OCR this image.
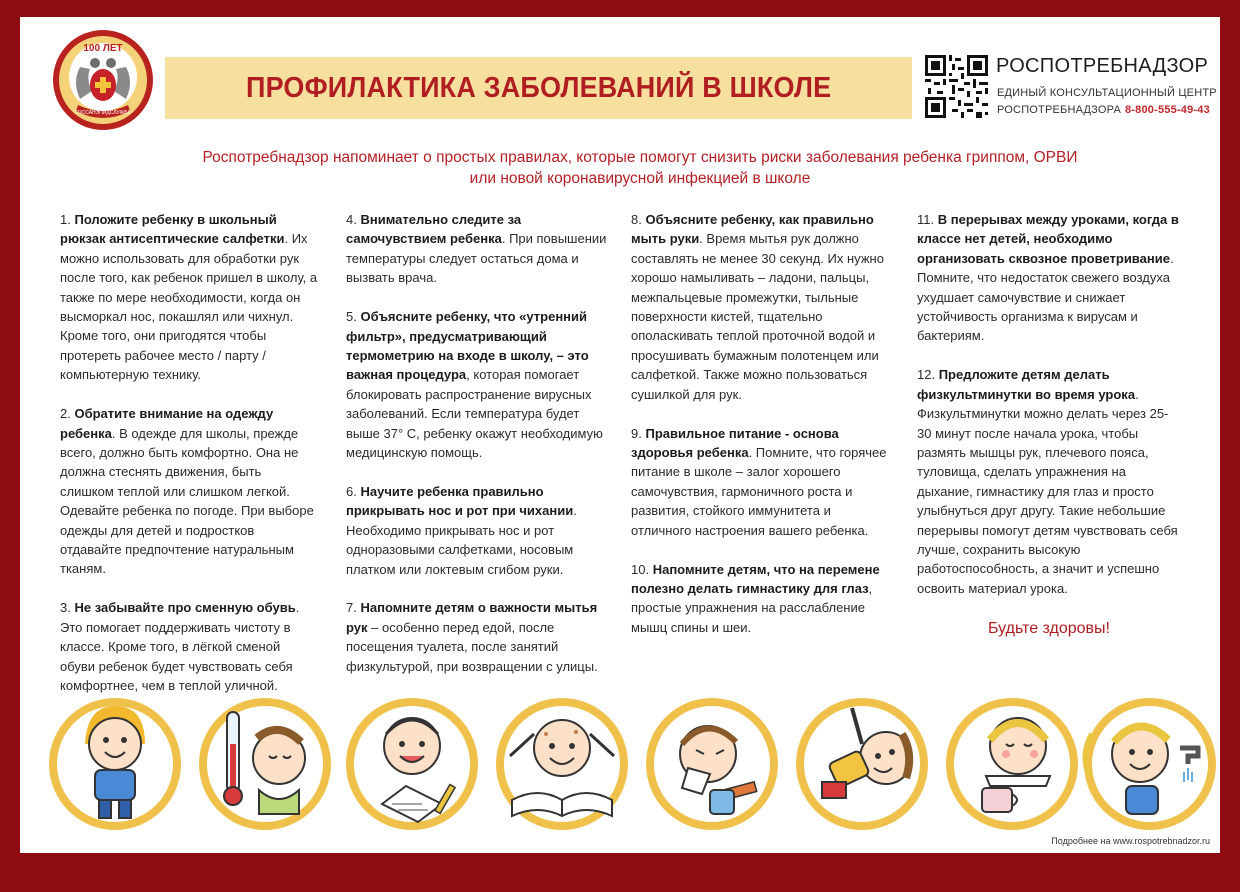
100 ЛЕТ
ГОССАНЭПИДСЛУЖБА
ПРОФИЛАКТИКА ЗАБОЛЕВАНИЙ В ШКОЛЕ
РОСПОТРЕБНАДЗОР
ЕДИНЫЙ КОНСУЛЬТАЦИОННЫЙ ЦЕНТР
РОСПОТРЕБНАДЗОРА 8-800-555-49-43
Роспотребнадзор напоминает о простых правилах, которые помогут снизить риски заболевания ребенка гриппом, ОРВИ
или новой коронавирусной инфекцией в школе

1. Положите ребенку в школьный рюкзак антисептические салфетки. Их можно использовать для обработки рук после того, как ребенок пришел в школу, а также по мере необходимости, когда он высморкал нос, покашлял или чихнул. Кроме того, они пригодятся чтобы протереть рабочее место / парту / компьютерную технику.

2. Обратите внимание на одежду ребенка. В одежде для школы, прежде всего, должно быть комфортно. Она не должна стеснять движения, быть слишком теплой или слишком легкой. Одевайте ребенка по погоде. При выборе одежды для детей и подростков отдавайте предпочтение натуральным тканям.

3. Не забывайте про сменную обувь. Это помогает поддерживать чистоту в классе. Кроме того, в лёгкой сменой обуви ребенок будет чувствовать себя комфортнее, чем в теплой уличной.

4. Внимательно следите за самочувствием ребенка. При повышении температуры следует остаться дома и вызвать врача.

5. Объясните ребенку, что «утренний фильтр», предусматривающий термометрию на входе в школу, – это важная процедура, которая помогает блокировать распространение вирусных заболеваний. Если температура будет выше 37° С, ребенку окажут необходимую медицинскую помощь.

6. Научите ребенка правильно прикрывать нос и рот при чихании. Необходимо прикрывать нос и рот одноразовыми салфетками, носовым платком или локтевым сгибом руки.

7. Напомните детям о важности мытья рук – особенно перед едой, после посещения туалета, после занятий физкультурой, при возвращении с улицы.

8. Объясните ребенку, как правильно мыть руки. Время мытья рук должно составлять не менее 30 секунд. Их нужно хорошо намыливать – ладони, пальцы, межпальцевые промежутки, тыльные поверхности кистей, тщательно ополаскивать теплой проточной водой и просушивать бумажным полотенцем или салфеткой. Также можно пользоваться сушилкой для рук.

9. Правильное питание - основа здоровья ребенка. Помните, что горячее питание в школе – залог хорошего самочувствия, гармоничного роста и развития, стойкого иммунитета и отличного настроения вашего ребенка.

10. Напомните детям, что на перемене полезно делать гимнастику для глаз, простые упражнения на расслабление мышц спины и шеи.

11. В перерывах между уроками, когда в классе нет детей, необходимо организовать сквозное проветривание. Помните, что недостаток свежего воздуха ухудшает самочувствие и снижает устойчивость организма к вирусам и бактериям.

12. Предложите детям делать физкультминутки во время урока. Физкультминутки можно делать через 25-30 минут после начала урока, чтобы размять мышцы рук, плечевого пояса, туловища, сделать упражнения на дыхание, гимнастику для глаз и просто улыбнуться друг другу. Такие небольшие перерывы помогут детям чувствовать себя лучше, сохранить высокую работоспособность, а значит и успешно освоить материал урока.

Будьте здоровы!
Подробнее на www.rospotrebnadzor.ru
